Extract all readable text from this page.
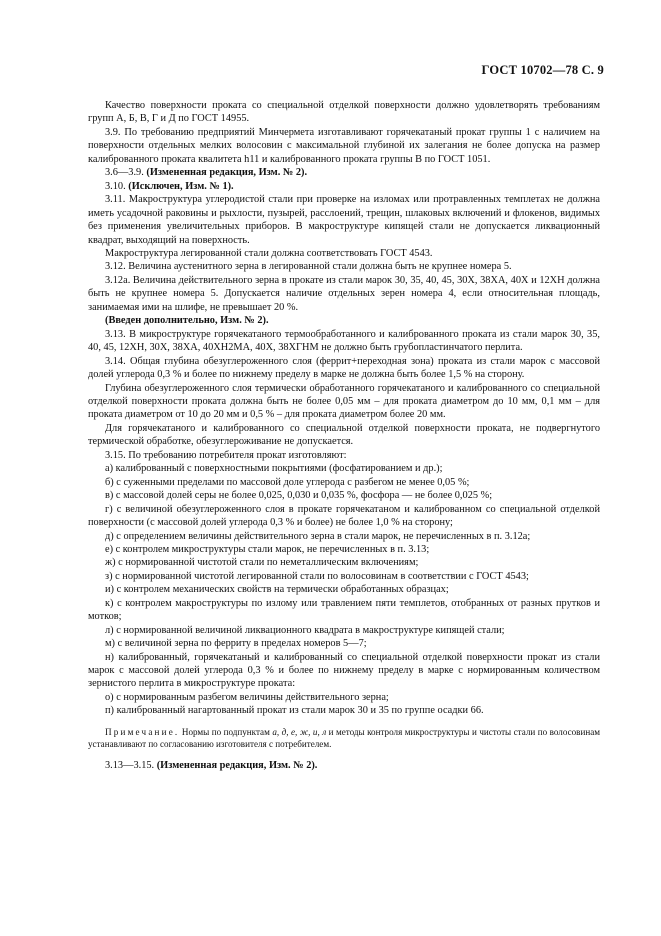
ГОСТ 10702—78 С. 9

Качество поверхности проката со специальной отделкой поверхности должно удовлетворять требованиям групп А, Б, В, Г и Д по ГОСТ 14955.

3.9. По требованию предприятий Минчермета изготавливают горячекатаный прокат группы 1 с наличием на поверхности отдельных мелких волосовин с максимальной глубиной их залегания не более допуска на размер калиброванного проката квалитета h11 и калиброванного проката группы В по ГОСТ 1051.

3.6—3.9. (Измененная редакция, Изм. № 2).

3.10. (Исключен, Изм. № 1).

3.11. Макроструктура углеродистой стали при проверке на изломах или протравленных темплетах не должна иметь усадочной раковины и рыхлости, пузырей, расслоений, трещин, шлаковых включений и флокенов, видимых без применения увеличительных приборов. В макроструктуре кипящей стали не допускается ликвационный квадрат, выходящий на поверхность.

Макроструктура легированной стали должна соответствовать ГОСТ 4543.

3.12. Величина аустенитного зерна в легированной стали должна быть не крупнее номера 5.

3.12а. Величина действительного зерна в прокате из стали марок 30, 35, 40, 45, 30Х, 38ХА, 40Х и 12ХН должна быть не крупнее номера 5. Допускается наличие отдельных зерен номера 4, если относительная площадь, занимаемая ими на шлифе, не превышает 20 %.

(Введен дополнительно, Изм. № 2).

3.13. В микроструктуре горячекатаного термообработанного и калиброванного проката из стали марок 30, 35, 40, 45, 12ХН, 30Х, 38ХА, 40ХН2МА, 40Х, 38ХГНМ не должно быть грубопластинчатого перлита.

3.14. Общая глубина обезуглероженного слоя (феррит+переходная зона) проката из стали марок с массовой долей углерода 0,3 % и более по нижнему пределу в марке не должна быть более 1,5 % на сторону.

Глубина обезуглероженного слоя термически обработанного горячекатаного и калиброванного со специальной отделкой поверхности проката должна быть не более 0,05 мм – для проката диаметром до 10 мм, 0,1 мм – для проката диаметром от 10 до 20 мм и 0,5 % – для проката диаметром более 20 мм.

Для горячекатаного и калиброванного со специальной отделкой поверхности проката, не подвергнутого термической обработке, обезуглероживание не допускается.

3.15. По требованию потребителя прокат изготовляют:

а) калиброванный с поверхностными покрытиями (фосфатированием и др.);

б) с суженными пределами по массовой доле углерода с разбегом не менее 0,05 %;

в) с массовой долей серы не более 0,025, 0,030 и 0,035 %, фосфора — не более 0,025 %;

г) с величиной обезуглероженного слоя в прокате горячекатаном и калиброванном со специальной отделкой поверхности (с массовой долей углерода 0,3 % и более) не более 1,0 % на сторону;

д) с определением величины действительного зерна в стали марок, не перечисленных в п. 3.12а;

е) с контролем микроструктуры стали марок, не перечисленных в п. 3.13;

ж) с нормированной чистотой стали по неметаллическим включениям;

з) с нормированной чистотой легированной стали по волосовинам в соответствии с ГОСТ 4543;

и) с контролем механических свойств на термически обработанных образцах;

к) с контролем макроструктуры по излому или травлением пяти темплетов, отобранных от разных прутков и мотков;

л) с нормированной величиной ликвационного квадрата в макроструктуре кипящей стали;

м) с величиной зерна по ферриту в пределах номеров 5—7;

н) калиброванный, горячекатаный и калиброванный со специальной отделкой поверхности прокат из стали марок с массовой долей углерода 0,3 % и более по нижнему пределу в марке с нормированным количеством зернистого перлита в микроструктуре проката:

о) с нормированным разбегом величины действительного зерна;

п) калиброванный нагартованный прокат из стали марок 30 и 35 по группе осадки 66.

Примечание. Нормы по подпунктам а, д, е, ж, и, л и методы контроля микроструктуры и чистоты стали по волосовинам устанавливают по согласованию изготовителя с потребителем.

3.13—3.15. (Измененная редакция, Изм. № 2).
